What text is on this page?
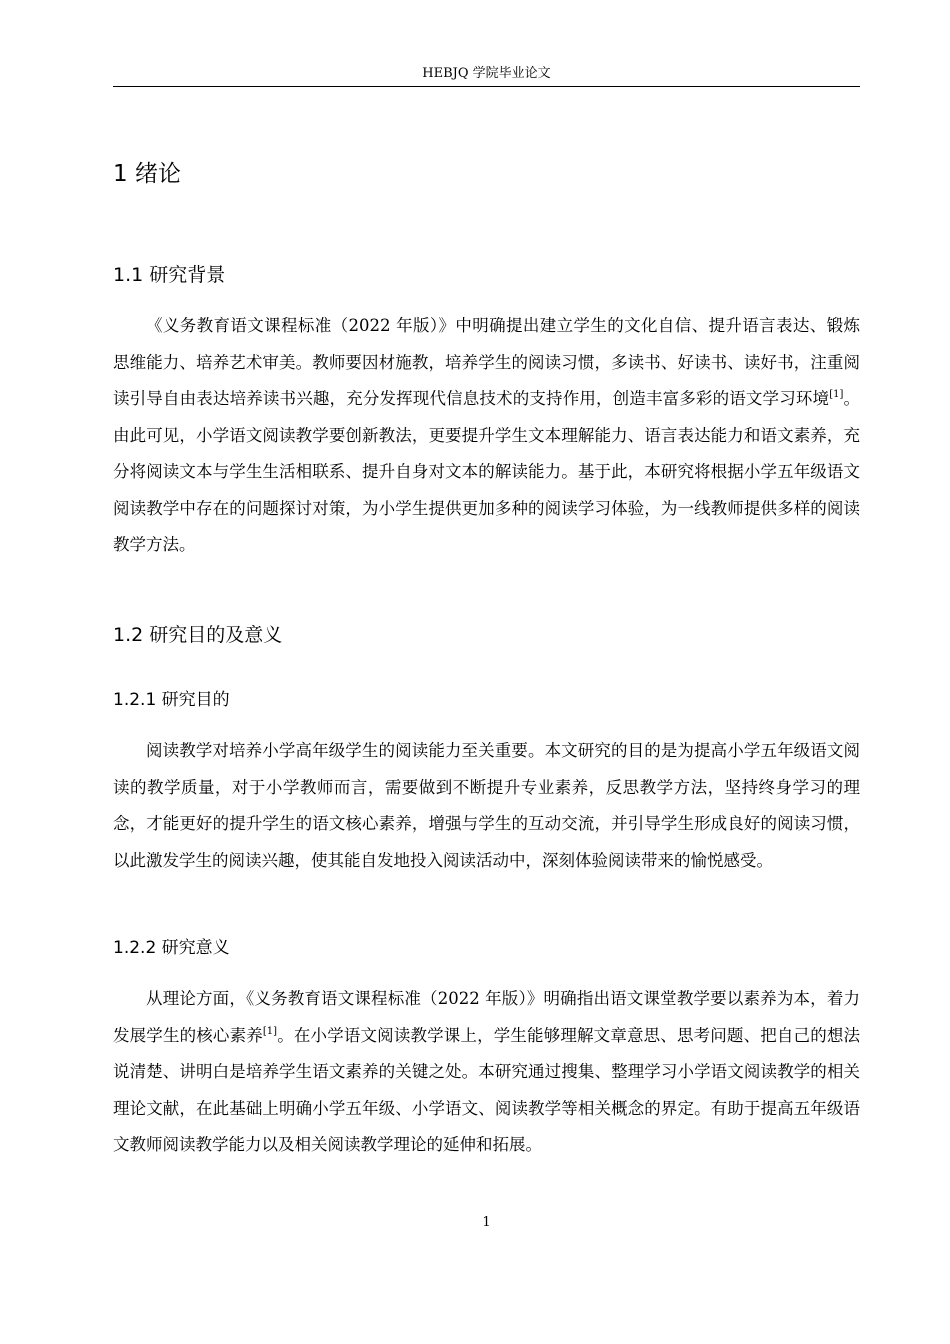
HEBJQ 学院毕业论文
1 绪论
1.1 研究背景

《义务教育语文课程标准（2022 年版）》中明确提出建立学生的文化自信、提升语言表达、锻炼思维能力、培养艺术审美。教师要因材施教，培养学生的阅读习惯，多读书、好读书、读好书，注重阅读引导自由表达培养读书兴趣，充分发挥现代信息技术的支持作用，创造丰富多彩的语文学习环境[1]。由此可见，小学语文阅读教学要创新教法，更要提升学生文本理解能力、语言表达能力和语文素养，充分将阅读文本与学生生活相联系、提升自身对文本的解读能力。基于此，本研究将根据小学五年级语文阅读教学中存在的问题探讨对策，为小学生提供更加多种的阅读学习体验，为一线教师提供多样的阅读教学方法。

1.2 研究目的及意义
1.2.1 研究目的

阅读教学对培养小学高年级学生的阅读能力至关重要。本文研究的目的是为提高小学五年级语文阅读的教学质量，对于小学教师而言，需要做到不断提升专业素养，反思教学方法，坚持终身学习的理念，才能更好的提升学生的语文核心素养，增强与学生的互动交流，并引导学生形成良好的阅读习惯，以此激发学生的阅读兴趣，使其能自发地投入阅读活动中，深刻体验阅读带来的愉悦感受。

1.2.2 研究意义

从理论方面，《义务教育语文课程标准（2022 年版）》明确指出语文课堂教学要以素养为本，着力发展学生的核心素养[1]。在小学语文阅读教学课上，学生能够理解文章意思、思考问题、把自己的想法说清楚、讲明白是培养学生语文素养的关键之处。本研究通过搜集、整理学习小学语文阅读教学的相关理论文献，在此基础上明确小学五年级、小学语文、阅读教学等相关概念的界定。有助于提高五年级语文教师阅读教学能力以及相关阅读教学理论的延伸和拓展。

1
